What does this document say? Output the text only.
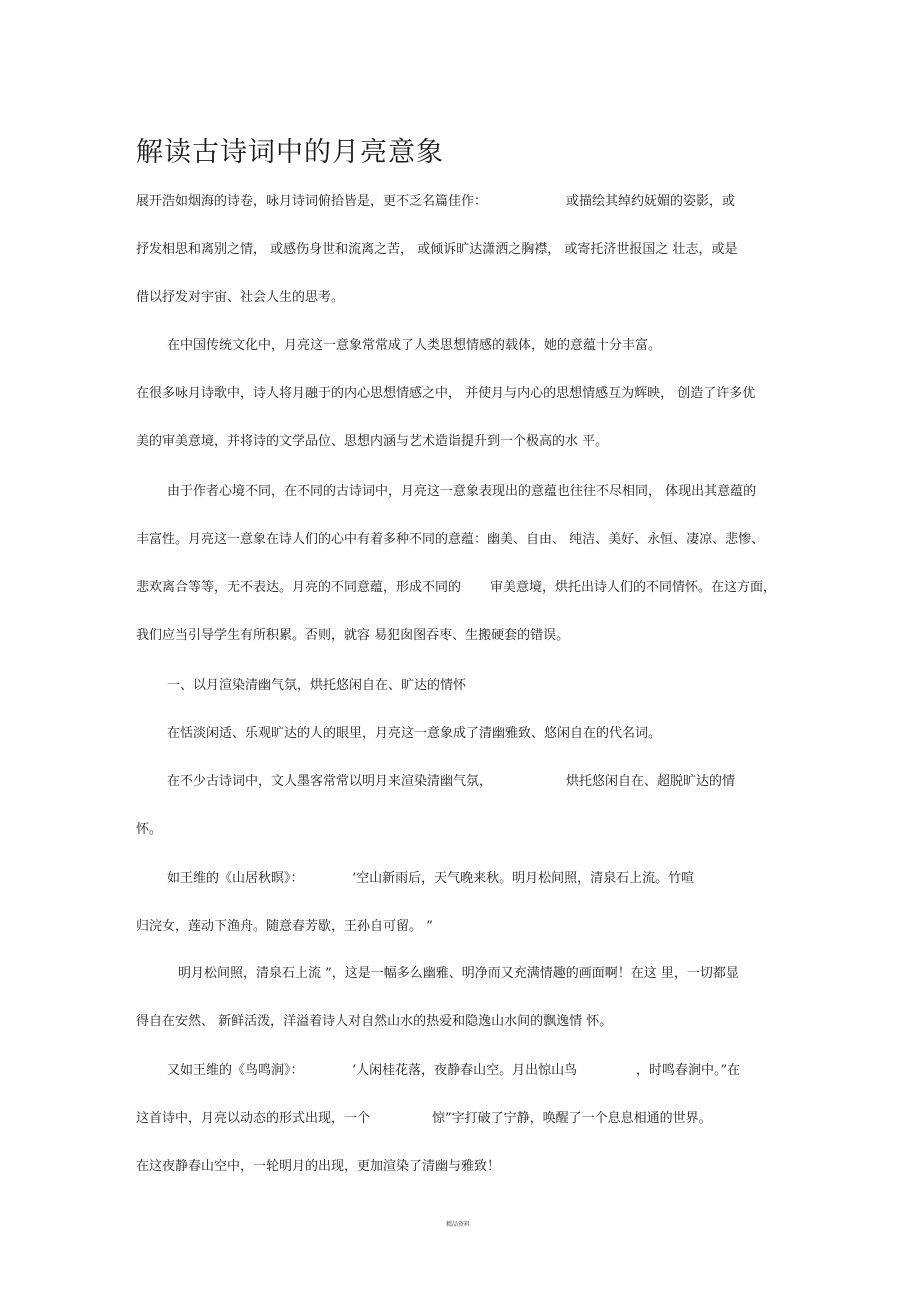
解读古诗词中的月亮意象
展开浩如烟海的诗卷，咏月诗词俯拾皆是，更不乏名篇佳作：	或描绘其绰约妩媚的姿影，或
抒发相思和离别之情， 或感伤身世和流离之苦， 或倾诉旷达潇洒之胸襟， 或寄托济世报国之 壮志，或是
借以抒发对宇宙、社会人生的思考。
在中国传统文化中，月亮这一意象常常成了人类思想情感的载体，她的意蕴十分丰富。
在很多咏月诗歌中，诗人将月融于的内心思想情感之中， 并使月与内心的思想情感互为辉映， 创造了许多优
美的审美意境，并将诗的文学品位、思想内涵与艺术造诣提升到一个极高的水 平。
由于作者心境不同，在不同的古诗词中，月亮这一意象表现出的意蕴也往往不尽相同， 体现出其意蕴的
丰富性。月亮这一意象在诗人们的心中有着多种不同的意蕴：幽美、自由、 纯洁、美好、永恒、凄凉、悲惨、
悲欢离合等等，无不表达。月亮的不同意蕴，形成不同的 审美意境，烘托出诗人们的不同情怀。在这方面，
我们应当引导学生有所积累。否则，就容 易犯囱图吞枣、生搬硬套的错误。
一、以月渲染清幽气氛，烘托悠闲自在、旷达的情怀
在恬淡闲适、乐观旷达的人的眼里，月亮这一意象成了清幽雅致、悠闲自在的代名词。
在不少古诗词中，文人墨客常常以明月来渲染清幽气氛，	烘托悠闲自在、超脱旷达的情
怀。
如王维的《山居秋暝》：	‘空山新雨后，天气晚来秋。明月松间照，清泉石上流。竹喧
归浣女，莲动下渔舟。随意春芳歇，王孙自可留。 ”
明月松间照，清泉石上流 ”，这是一幅多么幽雅、明净而又充满情趣的画面啊！在这 里，一切都显
得自在安然、 新鲜活泼，洋溢着诗人对自然山水的热爱和隐逸山水间的飘逸情 怀。
又如王维的《鸟鸣涧》：	‘人闲桂花落，夜静春山空。月出惊山鸟	，时鸣春涧中。”在
这首诗中，月亮以动态的形式出现，一个	惊”字打破了宁静，唤醒了一个息息相通的世界。
在这夜静春山空中，一轮明月的出现，更加渲染了清幽与雅致！
精品资料
